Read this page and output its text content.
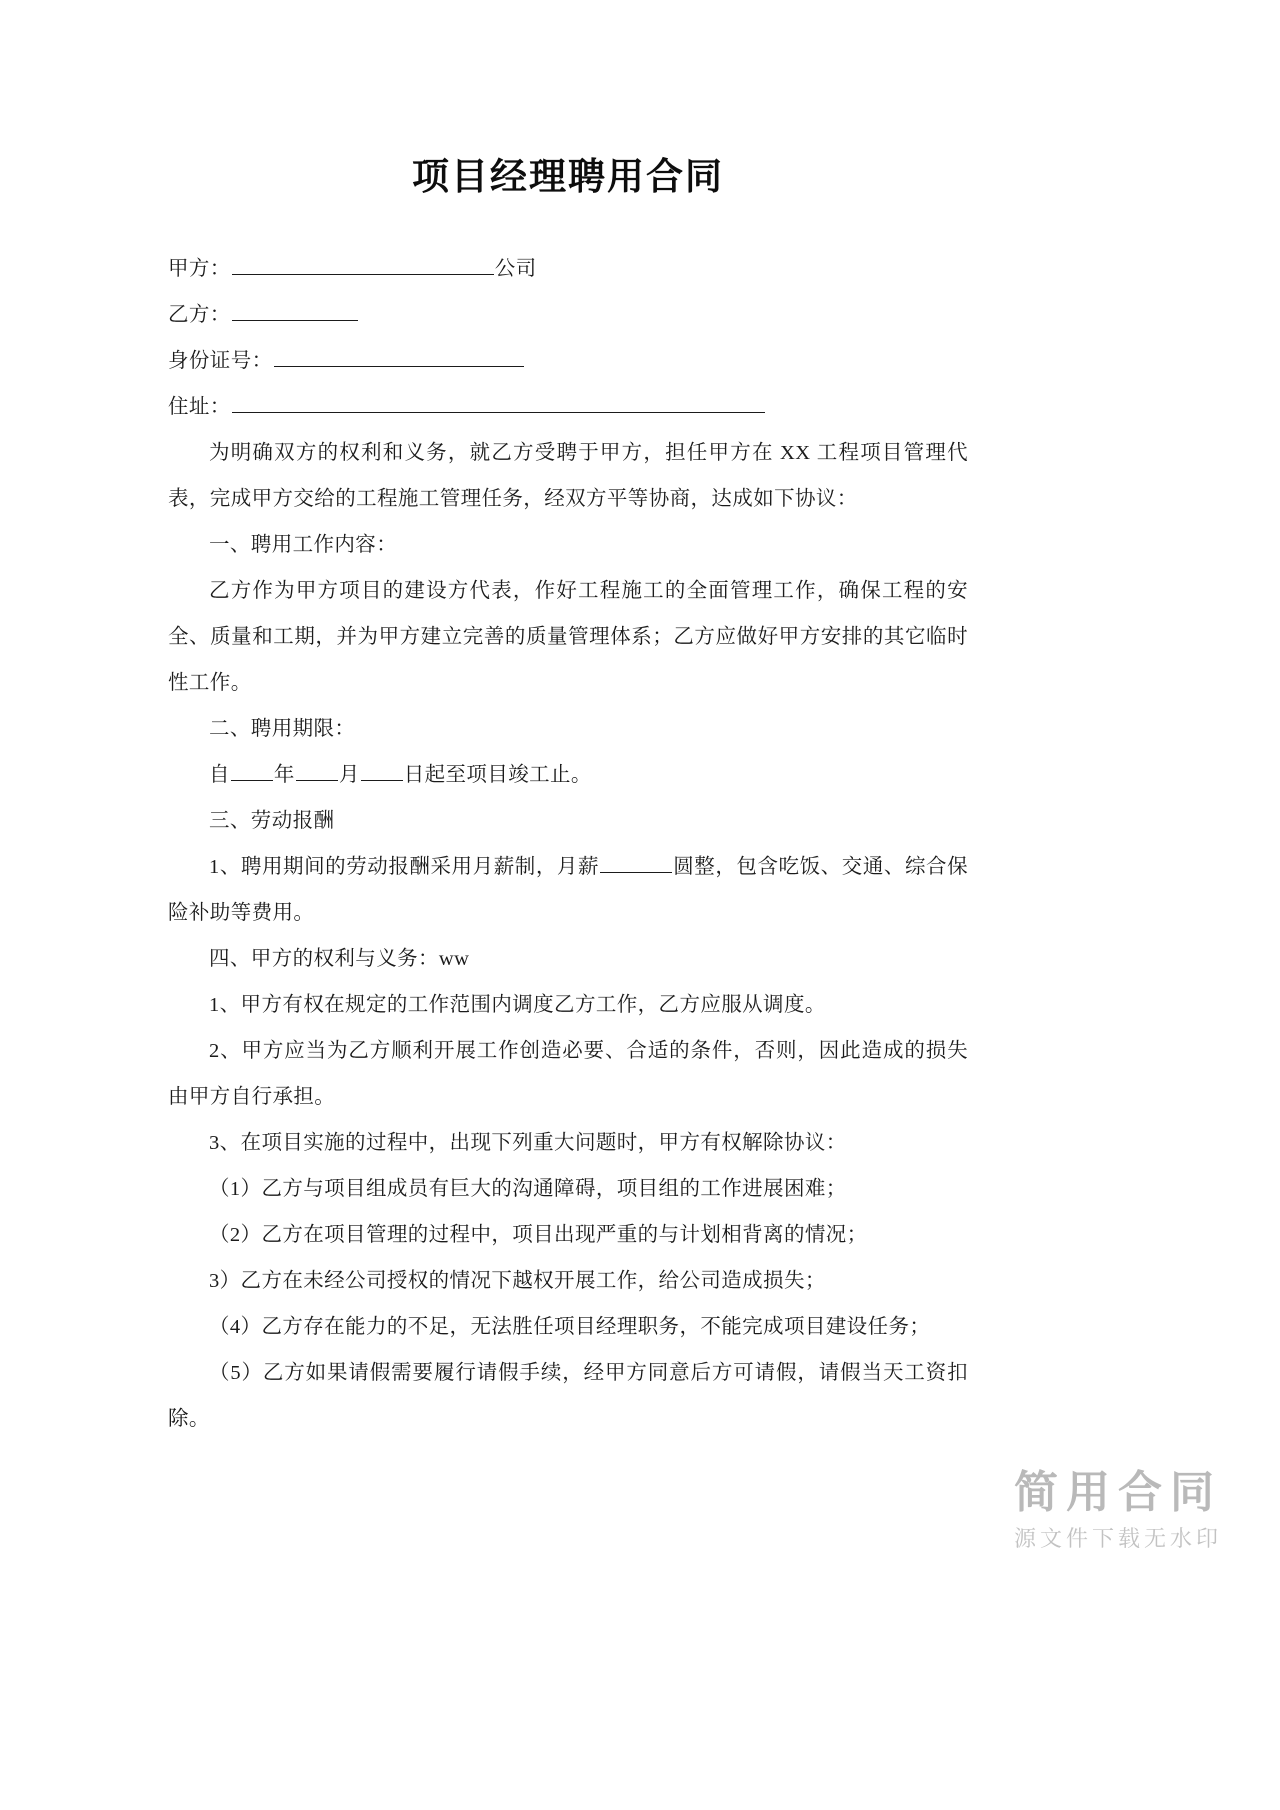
项目经理聘用合同

甲方：	公司

乙方：

身份证号：

住址：

为明确双方的权利和义务，就乙方受聘于甲方，担任甲方在 XX 工程项目管理代表，完成甲方交给的工程施工管理任务，经双方平等协商，达成如下协议：

一、聘用工作内容：

乙方作为甲方项目的建设方代表，作好工程施工的全面管理工作，确保工程的安全、质量和工期，并为甲方建立完善的质量管理体系；乙方应做好甲方安排的其它临时性工作。

二、聘用期限：

自 年 月 日起至项目竣工止。

三、劳动报酬

1、聘用期间的劳动报酬采用月薪制，月薪	圆整，包含吃饭、交通、综合保险补助等费用。

四、甲方的权利与义务：ww

1、甲方有权在规定的工作范围内调度乙方工作，乙方应服从调度。

2、甲方应当为乙方顺利开展工作创造必要、合适的条件，否则，因此造成的损失由甲方自行承担。

3、在项目实施的过程中，出现下列重大问题时，甲方有权解除协议：

（1）乙方与项目组成员有巨大的沟通障碍，项目组的工作进展困难；

（2）乙方在项目管理的过程中，项目出现严重的与计划相背离的情况；

3）乙方在未经公司授权的情况下越权开展工作，给公司造成损失；

（4）乙方存在能力的不足，无法胜任项目经理职务，不能完成项目建设任务；

（5）乙方如果请假需要履行请假手续，经甲方同意后方可请假，请假当天工资扣除。

简用合同
源文件下载无水印
